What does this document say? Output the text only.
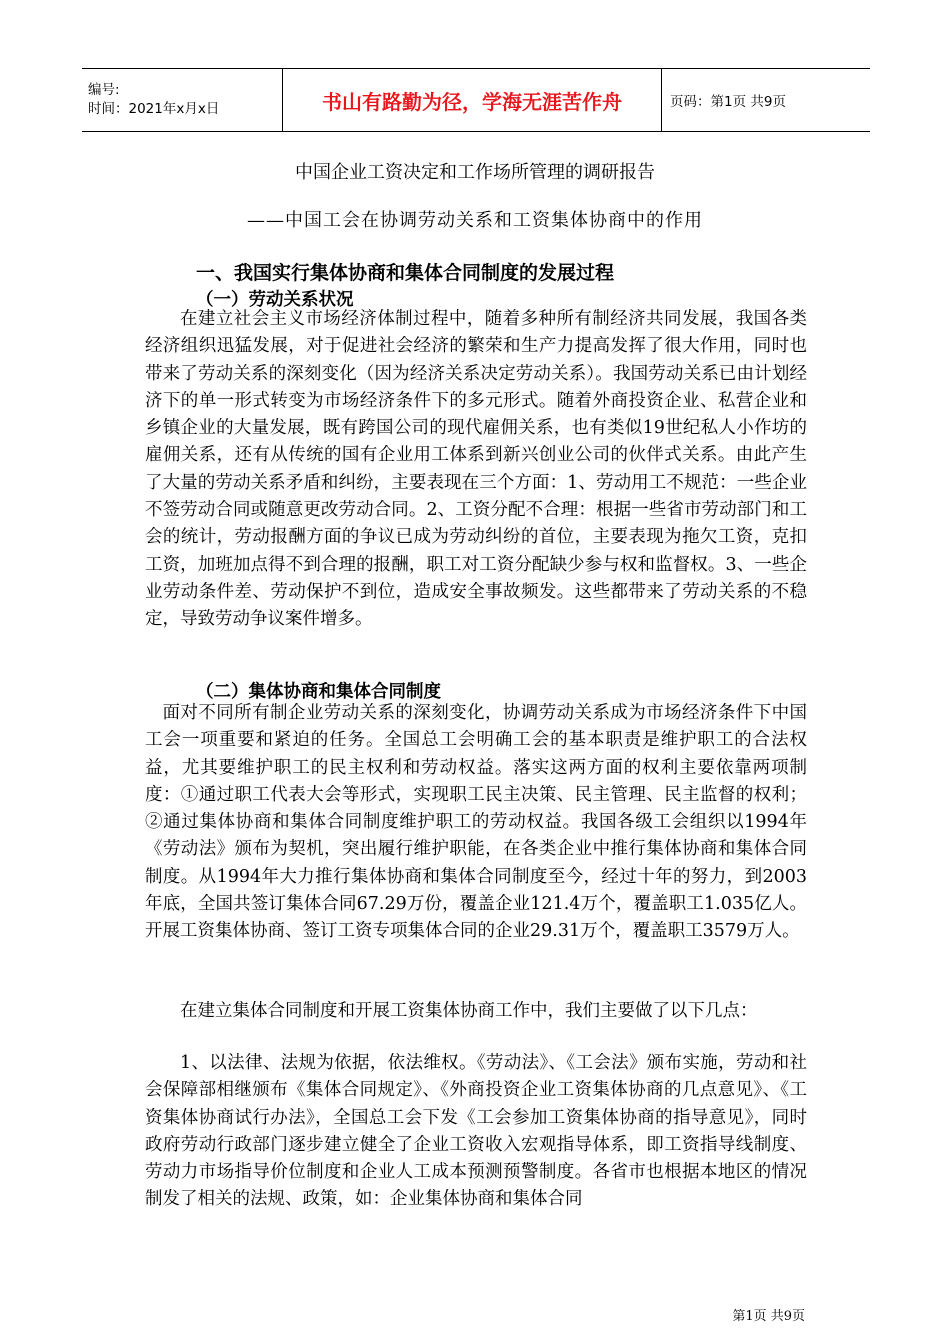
编号:
时间：2021年x月x日	书山有路勤为径，学海无涯苦作舟	页码：第1页 共9页
中国企业工资决定和工作场所管理的调研报告
——中国工会在协调劳动关系和工资集体协商中的作用
一、我国实行集体协商和集体合同制度的发展过程
（一）劳动关系状况

在建立社会主义市场经济体制过程中，随着多种所有制经济共同发展，我国各类经济组织迅猛发展，对于促进社会经济的繁荣和生产力提高发挥了很大作用，同时也带来了劳动关系的深刻变化（因为经济关系决定劳动关系）。我国劳动关系已由计划经济下的单一形式转变为市场经济条件下的多元形式。随着外商投资企业、私营企业和乡镇企业的大量发展，既有跨国公司的现代雇佣关系，也有类似19世纪私人小作坊的雇佣关系，还有从传统的国有企业用工体系到新兴创业公司的伙伴式关系。由此产生了大量的劳动关系矛盾和纠纷，主要表现在三个方面：1、劳动用工不规范：一些企业不签劳动合同或随意更改劳动合同。2、工资分配不合理：根据一些省市劳动部门和工会的统计，劳动报酬方面的争议已成为劳动纠纷的首位，主要表现为拖欠工资，克扣工资，加班加点得不到合理的报酬，职工对工资分配缺少参与权和监督权。3、一些企业劳动条件差、劳动保护不到位，造成安全事故频发。这些都带来了劳动关系的不稳定，导致劳动争议案件增多。

（二）集体协商和集体合同制度

面对不同所有制企业劳动关系的深刻变化，协调劳动关系成为市场经济条件下中国工会一项重要和紧迫的任务。全国总工会明确工会的基本职责是维护职工的合法权益，尤其要维护职工的民主权利和劳动权益。落实这两方面的权利主要依靠两项制度：①通过职工代表大会等形式，实现职工民主决策、民主管理、民主监督的权利；②通过集体协商和集体合同制度维护职工的劳动权益。我国各级工会组织以1994年《劳动法》颁布为契机，突出履行维护职能，在各类企业中推行集体协商和集体合同制度。从1994年大力推行集体协商和集体合同制度至今，经过十年的努力，到2003年底，全国共签订集体合同67.29万份，覆盖企业121.4万个，覆盖职工1.035亿人。开展工资集体协商、签订工资专项集体合同的企业29.31万个，覆盖职工3579万人。

在建立集体合同制度和开展工资集体协商工作中，我们主要做了以下几点：

1、以法律、法规为依据，依法维权。《劳动法》、《工会法》颁布实施，劳动和社会保障部相继颁布《集体合同规定》、《外商投资企业工资集体协商的几点意见》、《工资集体协商试行办法》，全国总工会下发《工会参加工资集体协商的指导意见》，同时政府劳动行政部门逐步建立健全了企业工资收入宏观指导体系，即工资指导线制度、劳动力市场指导价位制度和企业人工成本预测预警制度。各省市也根据本地区的情况制发了相关的法规、政策，如：企业集体协商和集体合同

第1页 共9页
